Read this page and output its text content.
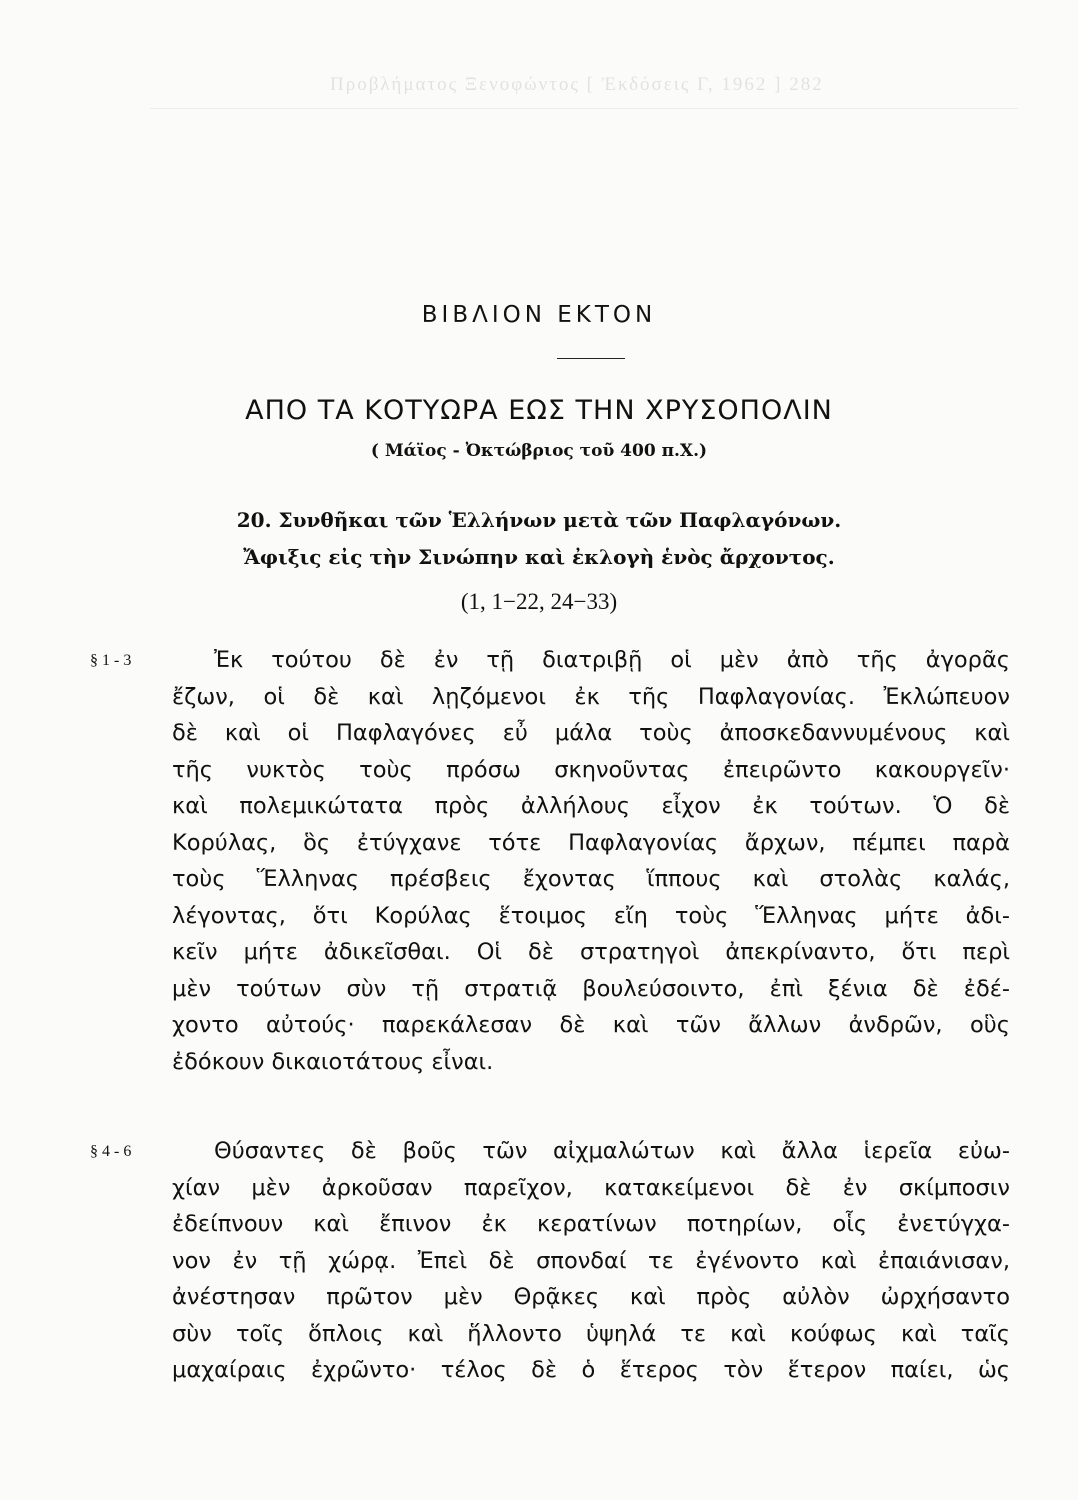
Προβλήματος Ξενοφώντος [ Ἐκδόσεις Γ, 1962 ] 282
ΒΙΒΛΙΟΝ ΕΚΤΟΝ
ΑΠΟ ΤΑ ΚΟΤΥΩΡΑ ΕΩΣ ΤΗΝ ΧΡΥΣΟΠΟΛΙΝ
( Μάϊος - Ὀκτώβριος τοῦ 400 π.Χ.)
20. Συνθῆκαι τῶν Ἑλλήνων μετὰ τῶν Παφλαγόνων.
Ἄφιξις εἰς τὴν Σινώπην καὶ ἐκλογὴ ἑνὸς ἄρχοντος.
(1, 1−22, 24−33)
§ 1 - 3	Ἐκ τούτου δὲ ἐν τῇ διατριβῇ οἱ μὲν ἀπὸ τῆς ἀγορᾶς
ἔζων, οἱ δὲ καὶ λῃζόμενοι ἐκ τῆς Παφλαγονίας. Ἐκλώπευον
δὲ καὶ οἱ Παφλαγόνες εὖ μάλα τοὺς ἀποσκεδαννυμένους καὶ
τῆς νυκτὸς τοὺς πρόσω σκηνοῦντας ἐπειρῶντο κακουργεῖν·
καὶ πολεμικώτατα πρὸς ἀλλήλους εἶχον ἐκ τούτων. Ὁ δὲ
Κορύλας, ὃς ἐτύγχανε τότε Παφλαγονίας ἄρχων, πέμπει παρὰ
τοὺς Ἕλληνας πρέσβεις ἔχοντας ἵππους καὶ στολὰς καλάς,
λέγοντας, ὅτι Κορύλας ἕτοιμος εἴη τοὺς Ἕλληνας μήτε ἀδι-
κεῖν μήτε ἀδικεῖσθαι. Οἱ δὲ στρατηγοὶ ἀπεκρίναντο, ὅτι περὶ
μὲν τούτων σὺν τῇ στρατιᾷ βουλεύσοιντο, ἐπὶ ξένια δὲ ἐδέ-
χοντο αὐτούς· παρεκάλεσαν δὲ καὶ τῶν ἄλλων ἀνδρῶν, οὓς
ἐδόκουν δικαιοτάτους εἶναι.
§ 4 - 6	Θύσαντες δὲ βοῦς τῶν αἰχμαλώτων καὶ ἄλλα ἱερεῖα εὐω-
χίαν μὲν ἀρκοῦσαν παρεῖχον, κατακείμενοι δὲ ἐν σκίμποσιν
ἐδείπνουν καὶ ἔπινον ἐκ κερατίνων ποτηρίων, οἷς ἐνετύγχα-
νον ἐν τῇ χώρᾳ. Ἐπεὶ δὲ σπονδαί τε ἐγένοντο καὶ ἐπαιάνισαν,
ἀνέστησαν πρῶτον μὲν Θρᾷκες καὶ πρὸς αὐλὸν ὠρχήσαντο
σὺν τοῖς ὅπλοις καὶ ἥλλοντο ὑψηλά τε καὶ κούφως καὶ ταῖς
μαχαίραις ἐχρῶντο· τέλος δὲ ὁ ἕτερος τὸν ἕτερον παίει, ὡς
